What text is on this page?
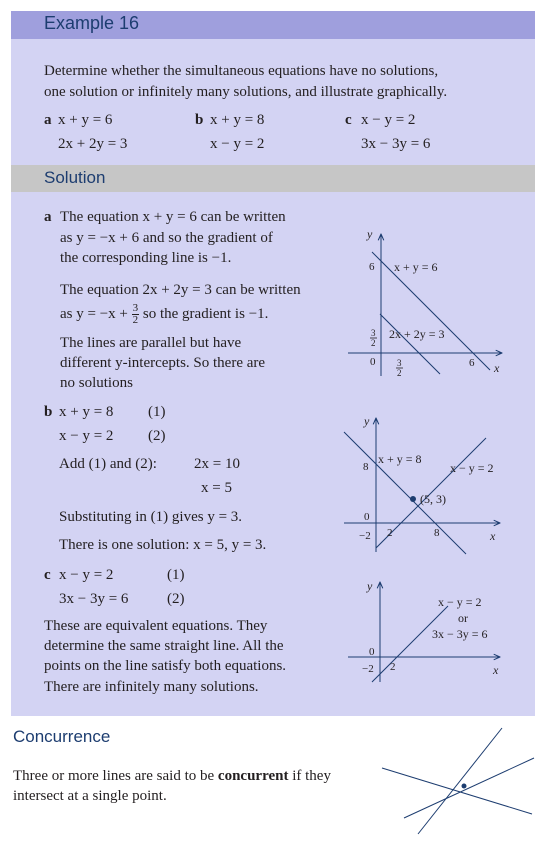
Example 16
Determine whether the simultaneous equations have no solutions,
one solution or infinitely many solutions, and illustrate graphically.
a x + y = 6
2x + 2y = 3
b x + y = 8
x − y = 2
c x − y = 2
3x − 3y = 6
Solution
a The equation x + y = 6 can be written
as y = −x + 6 and so the gradient of
the corresponding line is −1.
The equation 2x + 2y = 3 can be written
as $y = -x + \frac{3}{2}$ so the gradient is −1.
The lines are parallel but have
different y-intercepts. So there are
no solutions
y
x
6
6
0
x + y = 6
2x + 2y = 3
3
2
3
2
b x + y = 8 (1)
x − y = 2 (2)
Add (1) and (2): 2x = 10
x = 5
Substituting in (1) gives y = 3.
There is one solution: x = 5, y = 3.
y
x
8
0
−2 2	8
x + y = 8
x − y = 2
(5, 3)
c x − y = 2	(1)
3x − 3y = 6	(2)
These are equivalent equations. They
determine the same straight line. All the
points on the line satisfy both equations.
There are infinitely many solutions.
y
x
0
−2 2
x − y = 2
or
3x − 3y = 6
Concurrence
Three or more lines are said to be concurrent if they
intersect at a single point.
